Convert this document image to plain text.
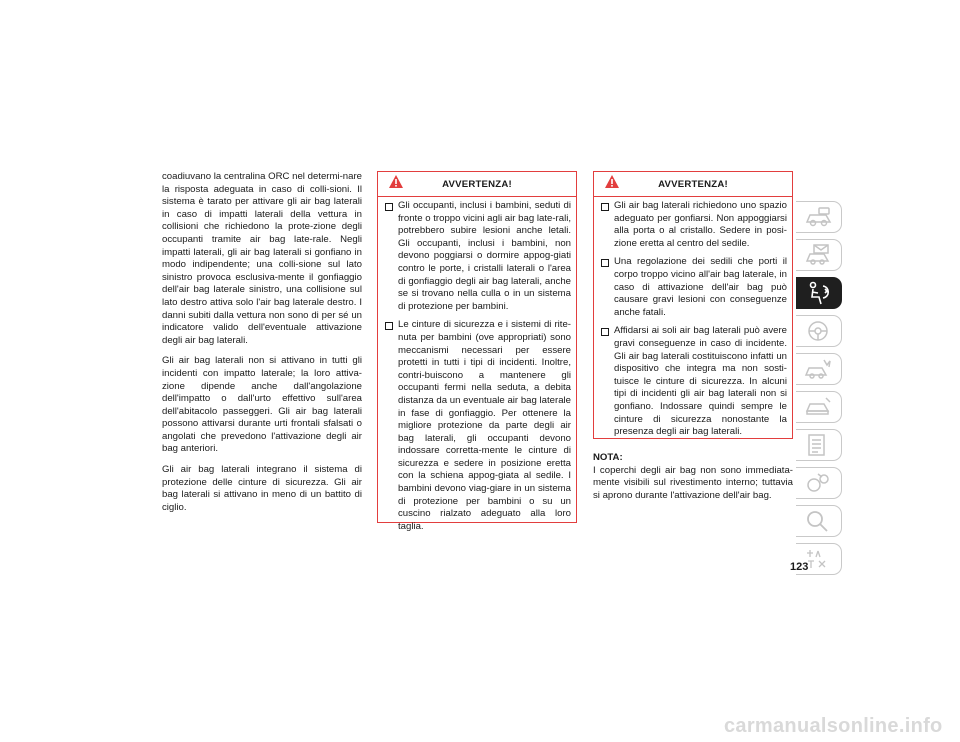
coadiuvano la centralina ORC nel determi-nare la risposta adeguata in caso di colli-sioni. Il sistema è tarato per attivare gli air bag laterali in caso di impatti laterali della vettura in collisioni che richiedono la prote-zione degli occupanti tramite air bag late-rale. Negli impatti laterali, gli air bag laterali si gonfiano in modo indipendente; una colli-sione sul lato sinistro provoca esclusiva-mente il gonfiaggio dell'air bag laterale sinistro, una collisione sul lato destro attiva solo l'air bag laterale destro. I danni subiti dalla vettura non sono di per sé un indicatore valido dell'eventuale attivazione degli air bag laterali.

Gli air bag laterali non si attivano in tutti gli incidenti con impatto laterale; la loro attiva-zione dipende anche dall'angolazione dell'impatto o dall'urto effettivo sull'area dell'abitacolo passeggeri. Gli air bag laterali possono attivarsi durante urti frontali sfalsati o angolati che prevedono l'attivazione degli air bag anteriori.

Gli air bag laterali integrano il sistema di protezione delle cinture di sicurezza. Gli air bag laterali si attivano in meno di un battito di ciglio.

AVVERTENZA!
Gli occupanti, inclusi i bambini, seduti di fronte o troppo vicini agli air bag late-rali, potrebbero subire lesioni anche letali. Gli occupanti, inclusi i bambini, non devono poggiarsi o dormire appog-giati contro le porte, i cristalli laterali o l'area di gonfiaggio degli air bag laterali, anche se si trovano nella culla o in un sistema di protezione per bambini.
Le cinture di sicurezza e i sistemi di rite-nuta per bambini (ove appropriati) sono meccanismi necessari per essere protetti in tutti i tipi di incidenti. Inoltre, contri-buiscono a mantenere gli occupanti fermi nella seduta, a debita distanza da un eventuale air bag laterale in fase di gonfiaggio. Per ottenere la migliore protezione da parte degli air bag laterali, gli occupanti devono indossare corretta-mente le cinture di sicurezza e sedere in posizione eretta con la schiena appog-giata al sedile. I bambini devono viag-giare in un sistema di protezione per bambini o su un cuscino rialzato adeguato alla loro taglia.
AVVERTENZA!
Gli air bag laterali richiedono uno spazio adeguato per gonfiarsi. Non appoggiarsi alla porta o al cristallo. Sedere in posi-zione eretta al centro del sedile.
Una regolazione dei sedili che porti il corpo troppo vicino all'air bag laterale, in caso di attivazione dell'air bag può causare gravi lesioni con conseguenze anche fatali.
Affidarsi ai soli air bag laterali può avere gravi conseguenze in caso di incidente. Gli air bag laterali costituiscono infatti un dispositivo che integra ma non sosti-tuisce le cinture di sicurezza. In alcuni tipi di incidenti gli air bag laterali non si gonfiano. Indossare quindi sempre le cinture di sicurezza nonostante la presenza degli air bag laterali.
NOTA:
I coperchi degli air bag non sono immediata-mente visibili sul rivestimento interno; tuttavia si aprono durante l'attivazione dell'air bag.
123
carmanualsonline.info
